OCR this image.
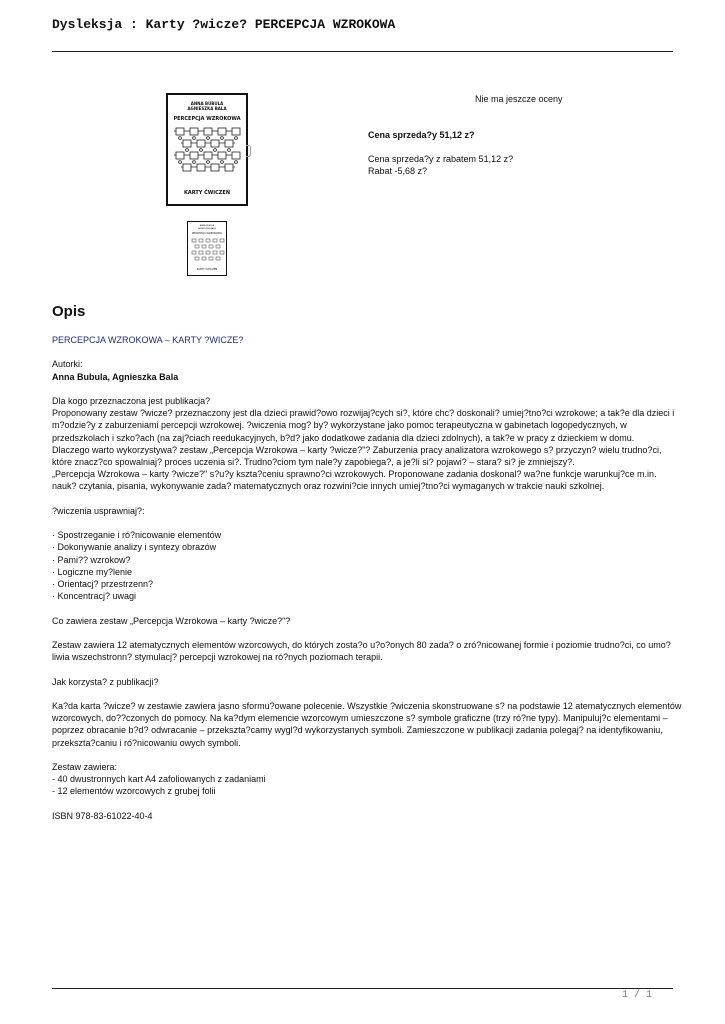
Dysleksja : Karty ?wicze? PERCEPCJA WZROKOWA
ANNA BUBULA
AGNIESZKA BALA
PERCEPCJA WZROKOWA
KARTY ĆWICZEŃ
ANNA BUBULA
AGNIESZKA BALA
PERCEPCJA WZROKOWA
KARTY ĆWICZEŃ
Nie ma jeszcze oceny
Cena sprzeda?y 51,12 z?
Cena sprzeda?y z rabatem 51,12 z?
Rabat -5,68 z?
Opis

PERCEPCJA WZROKOWA – KARTY ?WICZE?

Autorki:

Anna Bubula, Agnieszka Bala

Dla kogo przeznaczona jest publikacja?

Proponowany zestaw ?wicze? przeznaczony jest dla dzieci prawid?owo rozwijaj?cych si?, które chc? doskonali? umiej?tno?ci wzrokowe; a tak?e dla dzieci i m?odzie?y z zaburzeniami percepcji wzrokowej. ?wiczenia mog? by? wykorzystane jako pomoc terapeutyczna w gabinetach logopedycznych, w przedszkolach i szko?ach (na zaj?ciach reedukacyjnych, b?d? jako dodatkowe zadania dla dzieci zdolnych), a tak?e w pracy z dzieckiem w domu.

Dlaczego warto wykorzystywa? zestaw „Percepcja Wzrokowa – karty ?wicze?"? Zaburzenia pracy analizatora wzrokowego s? przyczyn? wielu trudno?ci, które znacz?co spowalniaj? proces uczenia si?. Trudno?ciom tym nale?y zapobiega?, a je?li si? pojawi? – stara? si? je zmniejszy?.

„Percepcja Wzrokowa – karty ?wicze?" s?u?y kszta?ceniu sprawno?ci wzrokowych. Proponowane zadania doskonal? wa?ne funkcje warunkuj?ce m.in. nauk? czytania, pisania, wykonywanie zada? matematycznych oraz rozwini?cie innych umiej?tno?ci wymaganych w trakcie nauki szkolnej.

?wiczenia usprawniaj?:

· Spostrzeganie i ró?nicowanie elementów

· Dokonywanie analizy i syntezy obrazów

· Pami?? wzrokow?

· Logiczne my?lenie

· Orientacj? przestrzenn?

· Koncentracj? uwagi

Co zawiera zestaw „Percepcja Wzrokowa – karty ?wicze?"?

Zestaw zawiera 12 atematycznych elementów wzorcowych, do których zosta?o u?o?onych 80 zada? o zró?nicowanej formie i poziomie trudno?ci, co umo?liwia wszechstronn? stymulacj? percepcji wzrokowej na ró?nych poziomach terapii.

Jak korzysta? z publikacji?

Ka?da karta ?wicze? w zestawie zawiera jasno sformu?owane polecenie. Wszystkie ?wiczenia skonstruowane s? na podstawie 12 atematycznych elementów wzorcowych, do??czonych do pomocy. Na ka?dym elemencie wzorcowym umieszczone s? symbole graficzne (trzy ró?ne typy). Manipuluj?c elementami – poprzez obracanie b?d? odwracanie – przekszta?camy wygl?d wykorzystanych symboli. Zamieszczone w publikacji zadania polegaj? na identyfikowaniu, przekszta?caniu i ró?nicowaniu owych symboli.

Zestaw zawiera:

- 40 dwustronnych kart A4 zafoliowanych z zadaniami

- 12 elementów wzorcowych z grubej folii

ISBN 978-83-61022-40-4

1 / 1
